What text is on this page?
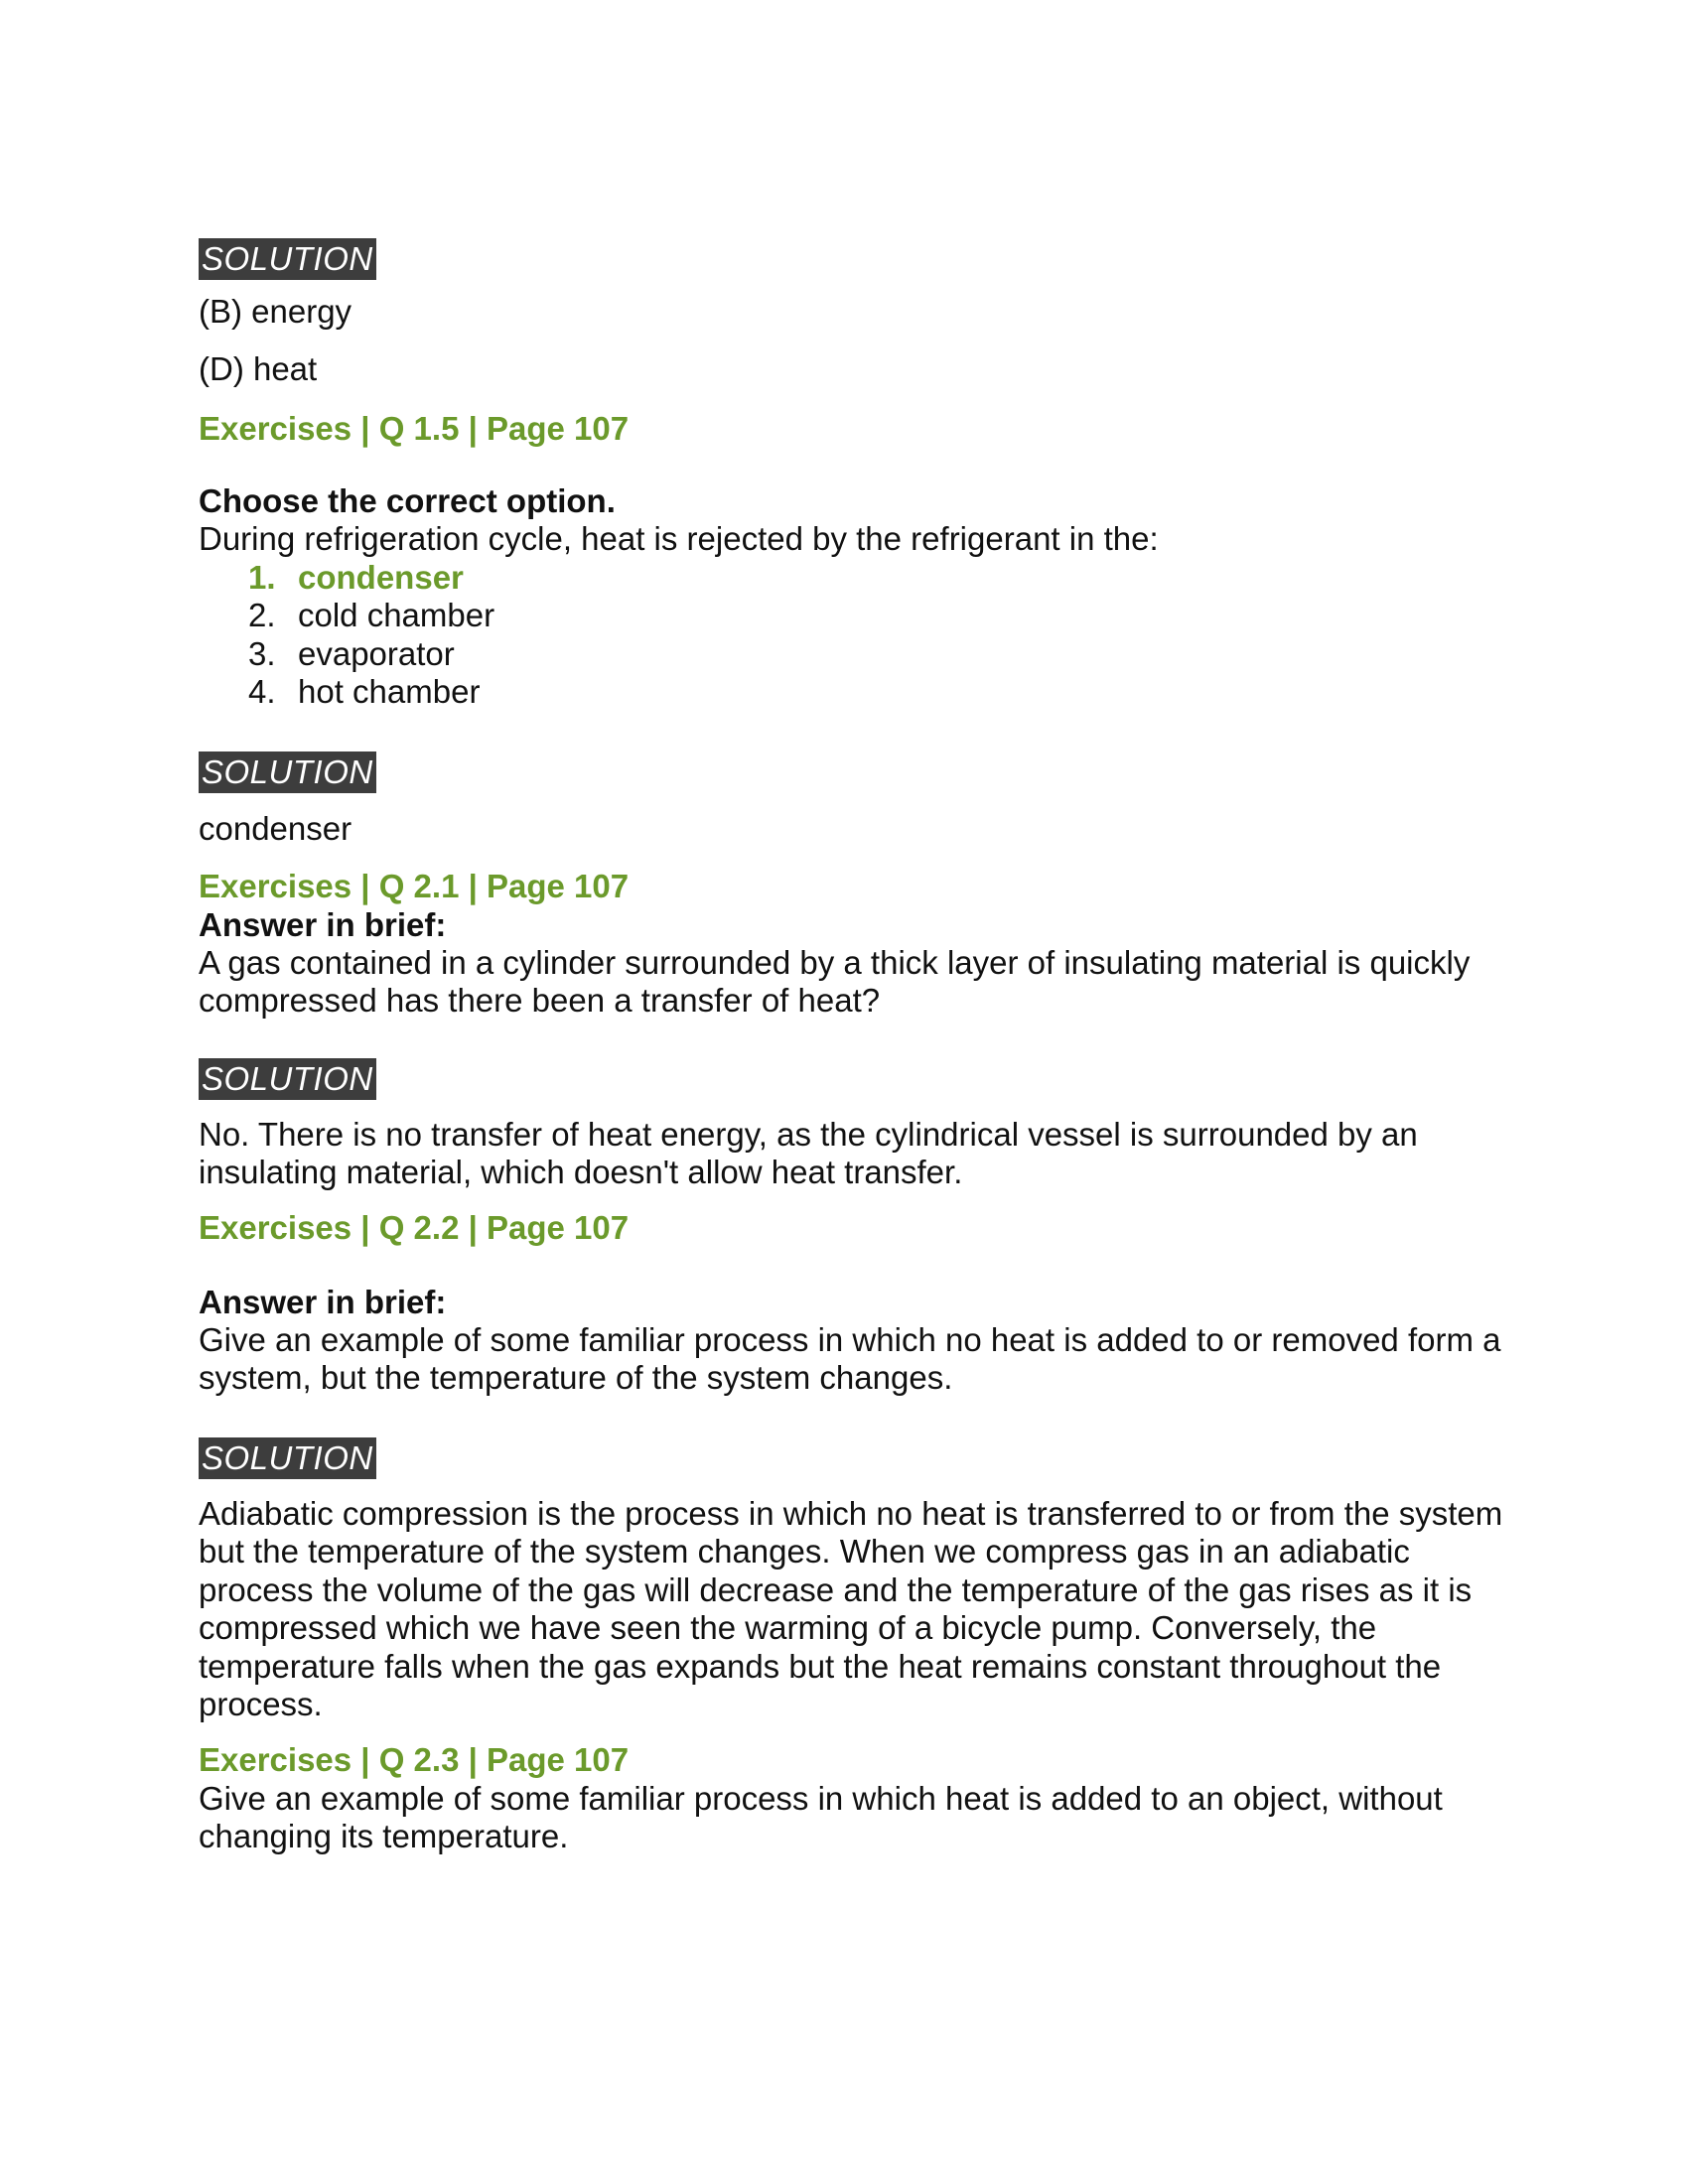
SOLUTION

(B) energy

(D) heat

Exercises | Q 1.5 | Page 107

Choose the correct option.

During refrigeration cycle, heat is rejected by the refrigerant in the:

1. condenser
2. cold chamber
3. evaporator
4. hot chamber
SOLUTION

condenser

Exercises | Q 2.1 | Page 107

Answer in brief:

A gas contained in a cylinder surrounded by a thick layer of insulating material is quickly compressed has there been a transfer of heat?

SOLUTION

No. There is no transfer of heat energy, as the cylindrical vessel is surrounded by an insulating material, which doesn't allow heat transfer.

Exercises | Q 2.2 | Page 107

Answer in brief:

Give an example of some familiar process in which no heat is added to or removed form a system, but the temperature of the system changes.

SOLUTION

Adiabatic compression is the process in which no heat is transferred to or from the system but the temperature of the system changes. When we compress gas in an adiabatic process the volume of the gas will decrease and the temperature of the gas rises as it is compressed which we have seen the warming of a bicycle pump. Conversely, the temperature falls when the gas expands but the heat remains constant throughout the process.

Exercises | Q 2.3 | Page 107

Give an example of some familiar process in which heat is added to an object, without changing its temperature.
